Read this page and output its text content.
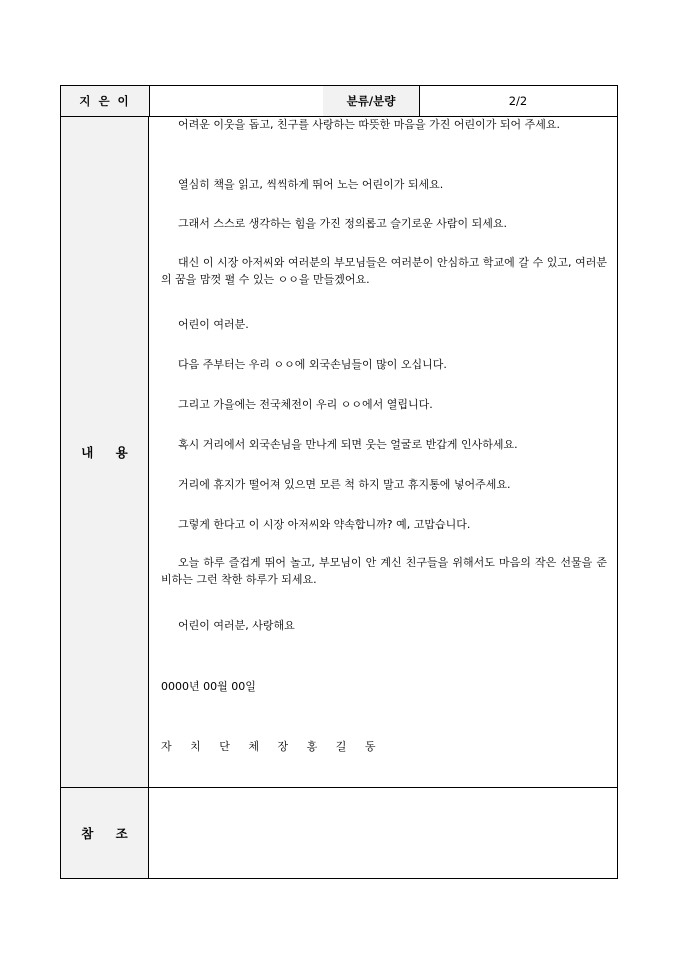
지 은 이	분류/분량	2/2
내 용

어려운 이웃을 돕고, 친구를 사랑하는 따뜻한 마음을 가진 어린이가 되어 주세요.

열심히 책을 읽고, 씩씩하게 뛰어 노는 어린이가 되세요.

그래서 스스로 생각하는 힘을 가진 정의롭고 슬기로운 사람이 되세요.

대신 이 시장 아저씨와 여러분의 부모님들은 여러분이 안심하고 학교에 갈 수 있고, 여러분의 꿈을 맘껏 펼 수 있는 ㅇㅇ을 만들겠어요.

어린이 여러분.

다음 주부터는 우리 ㅇㅇ에 외국손님들이 많이 오십니다.

그리고 가을에는 전국체전이 우리 ㅇㅇ에서 열립니다.

혹시 거리에서 외국손님을 만나게 되면 웃는 얼굴로 반갑게 인사하세요.

거리에 휴지가 떨어져 있으면 모른 척 하지 말고 휴지통에 넣어주세요.

그렇게 한다고 이 시장 아저씨와 약속합니까? 예, 고맙습니다.

오늘 하루 즐겁게 뛰어 놀고, 부모님이 안 계신 친구들을 위해서도 마음의 작은 선물을 준비하는 그런 착한 하루가 되세요.

어린이 여러분, 사랑해요

0000년 00월 00일

자 치 단 체 장 홍 길 동

참 조
